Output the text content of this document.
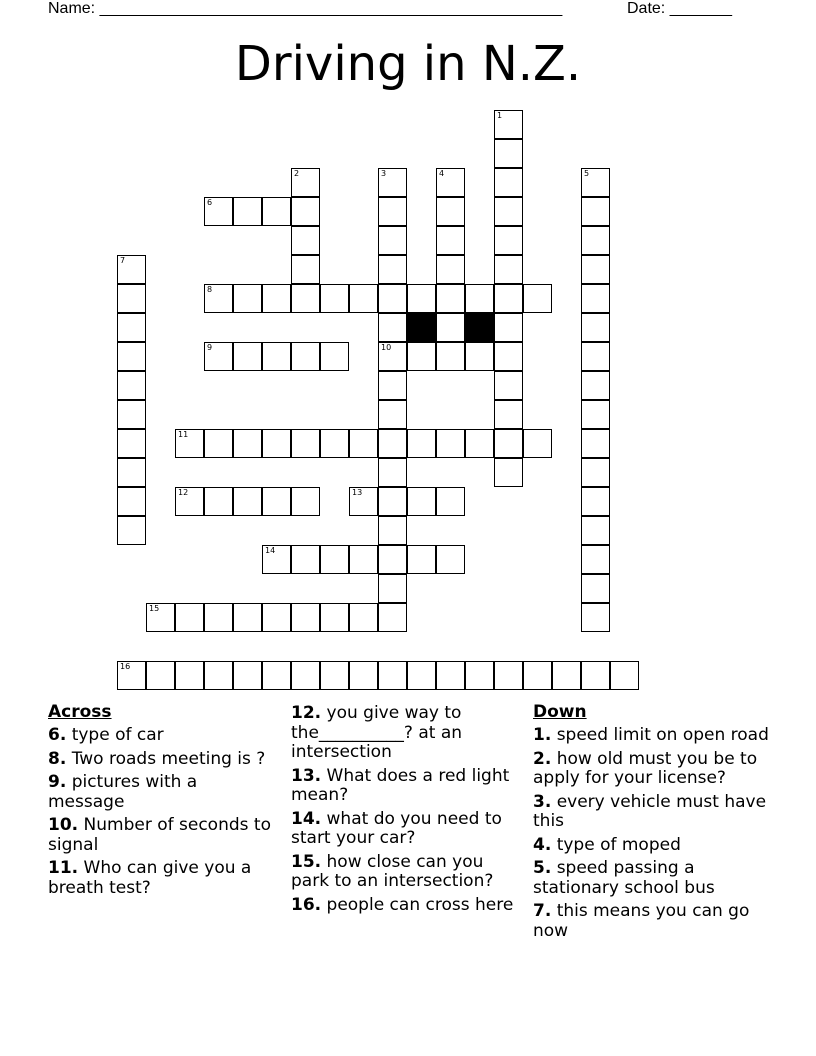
Name: ____________________________________________________	Date: _______
Driving in N.Z.
1
2	3
10
4	5
6
7
8
9
11
12	13
14
15
16
Across
6. type of car
8. Two roads meeting is ?
9. pictures with a message
10. Number of seconds to signal
11. Who can give you a breath test?
12. you give way to the__________? at an intersection
13. What does a red light mean?
14. what do you need to start your car?
15. how close can you park to an intersection?
16. people can cross here
Down
1. speed limit on open road
2. how old must you be to apply for your license?
3. every vehicle must have this
4. type of moped
5. speed passing a stationary school bus
7. this means you can go now
